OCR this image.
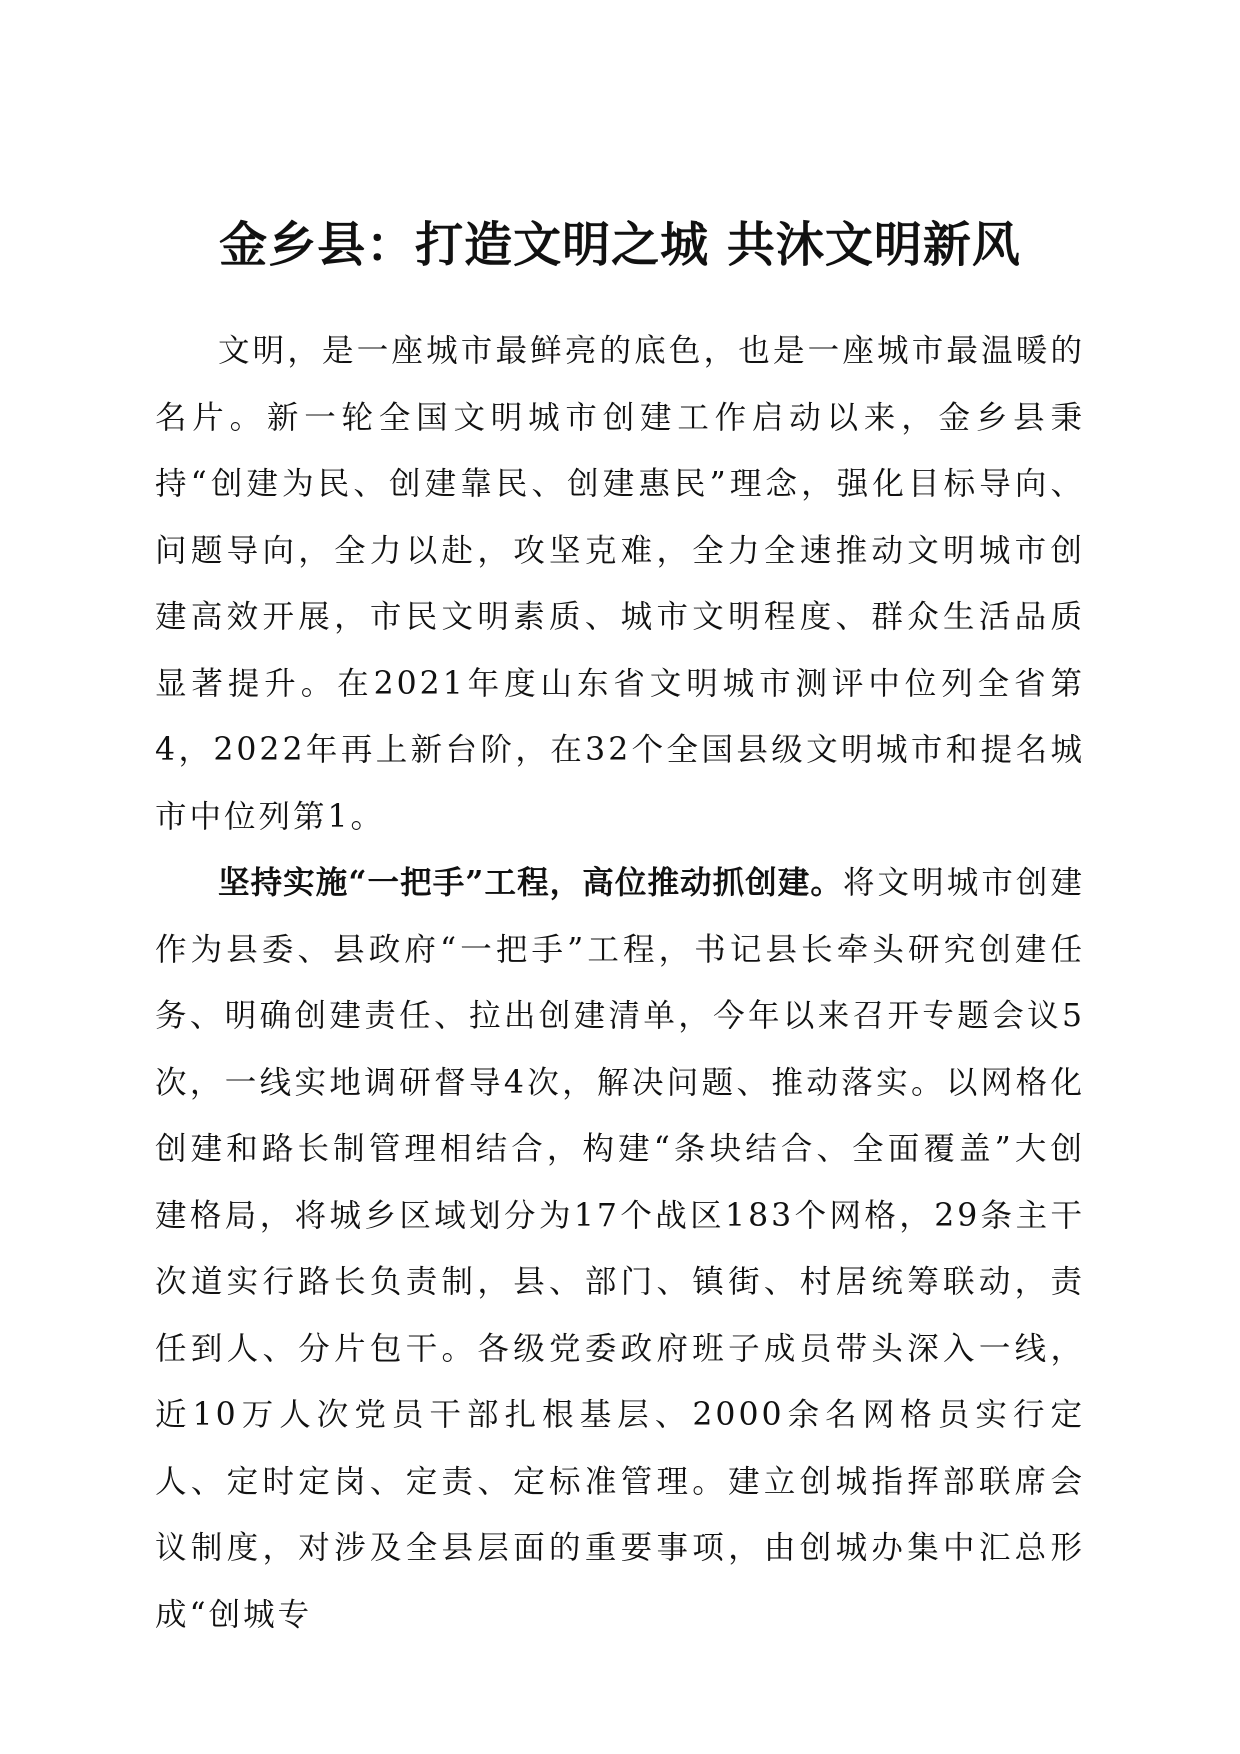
金乡县：打造文明之城 共沐文明新风

文明，是一座城市最鲜亮的底色，也是一座城市最温暖的名片。新一轮全国文明城市创建工作启动以来，金乡县秉持“创建为民、创建靠民、创建惠民”理念，强化目标导向、问题导向，全力以赴，攻坚克难，全力全速推动文明城市创建高效开展，市民文明素质、城市文明程度、群众生活品质显著提升。在2021年度山东省文明城市测评中位列全省第4，2022年再上新台阶，在32个全国县级文明城市和提名城市中位列第1。

坚持实施“一把手”工程，高位推动抓创建。将文明城市创建作为县委、县政府“一把手”工程，书记县长牵头研究创建任务、明确创建责任、拉出创建清单，今年以来召开专题会议5次，一线实地调研督导4次，解决问题、推动落实。以网格化创建和路长制管理相结合，构建“条块结合、全面覆盖”大创建格局，将城乡区域划分为17个战区183个网格，29条主干次道实行路长负责制，县、部门、镇街、村居统筹联动，责任到人、分片包干。各级党委政府班子成员带头深入一线，近10万人次党员干部扎根基层、2000余名网格员实行定人、定时定岗、定责、定标准管理。建立创城指挥部联席会议制度，对涉及全县层面的重要事项，由创城办集中汇总形成“创城专
